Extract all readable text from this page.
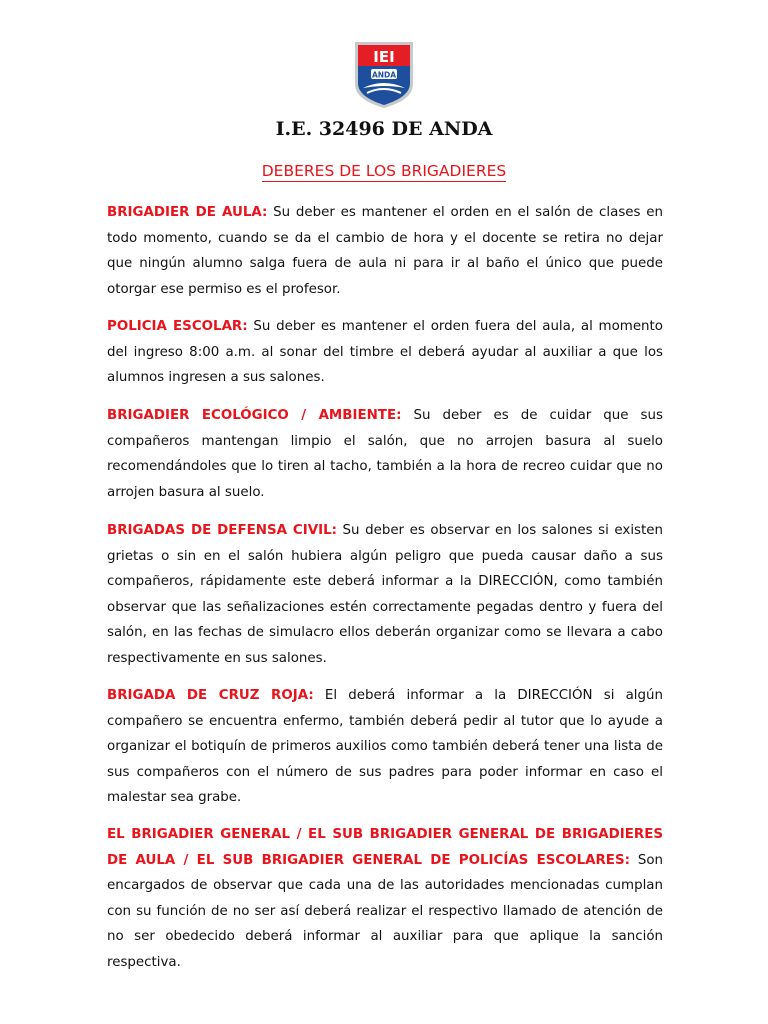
IEI
ANDA
I.E. 32496 DE ANDA
DEBERES DE LOS BRIGADIERES

BRIGADIER DE AULA: Su deber es mantener el orden en el salón de clases en todo momento, cuando se da el cambio de hora y el docente se retira no dejar que ningún alumno salga fuera de aula ni para ir al baño el único que puede otorgar ese permiso es el profesor.

POLICIA ESCOLAR: Su deber es mantener el orden fuera del aula, al momento del ingreso 8:00 a.m. al sonar del timbre el deberá ayudar al auxiliar a que los alumnos ingresen a sus salones.

BRIGADIER ECOLÓGICO / AMBIENTE: Su deber es de cuidar que sus compañeros mantengan limpio el salón, que no arrojen basura al suelo recomendándoles que lo tiren al tacho, también a la hora de recreo cuidar que no arrojen basura al suelo.

BRIGADAS DE DEFENSA CIVIL: Su deber es observar en los salones si existen grietas o sin en el salón hubiera algún peligro que pueda causar daño a sus compañeros, rápidamente este deberá informar a la DIRECCIÓN, como también observar que las señalizaciones estén correctamente pegadas dentro y fuera del salón, en las fechas de simulacro ellos deberán organizar como se llevara a cabo respectivamente en sus salones.

BRIGADA DE CRUZ ROJA: El deberá informar a la DIRECCIÓN si algún compañero se encuentra enfermo, también deberá pedir al tutor que lo ayude a organizar el botiquín de primeros auxilios como también deberá tener una lista de sus compañeros con el número de sus padres para poder informar en caso el malestar sea grabe.

EL BRIGADIER GENERAL / EL SUB BRIGADIER GENERAL DE BRIGADIERES DE AULA / EL SUB BRIGADIER GENERAL DE POLICÍAS ESCOLARES: Son encargados de observar que cada una de las autoridades mencionadas cumplan con su función de no ser así deberá realizar el respectivo llamado de atención de no ser obedecido deberá informar al auxiliar para que aplique la sanción respectiva.
